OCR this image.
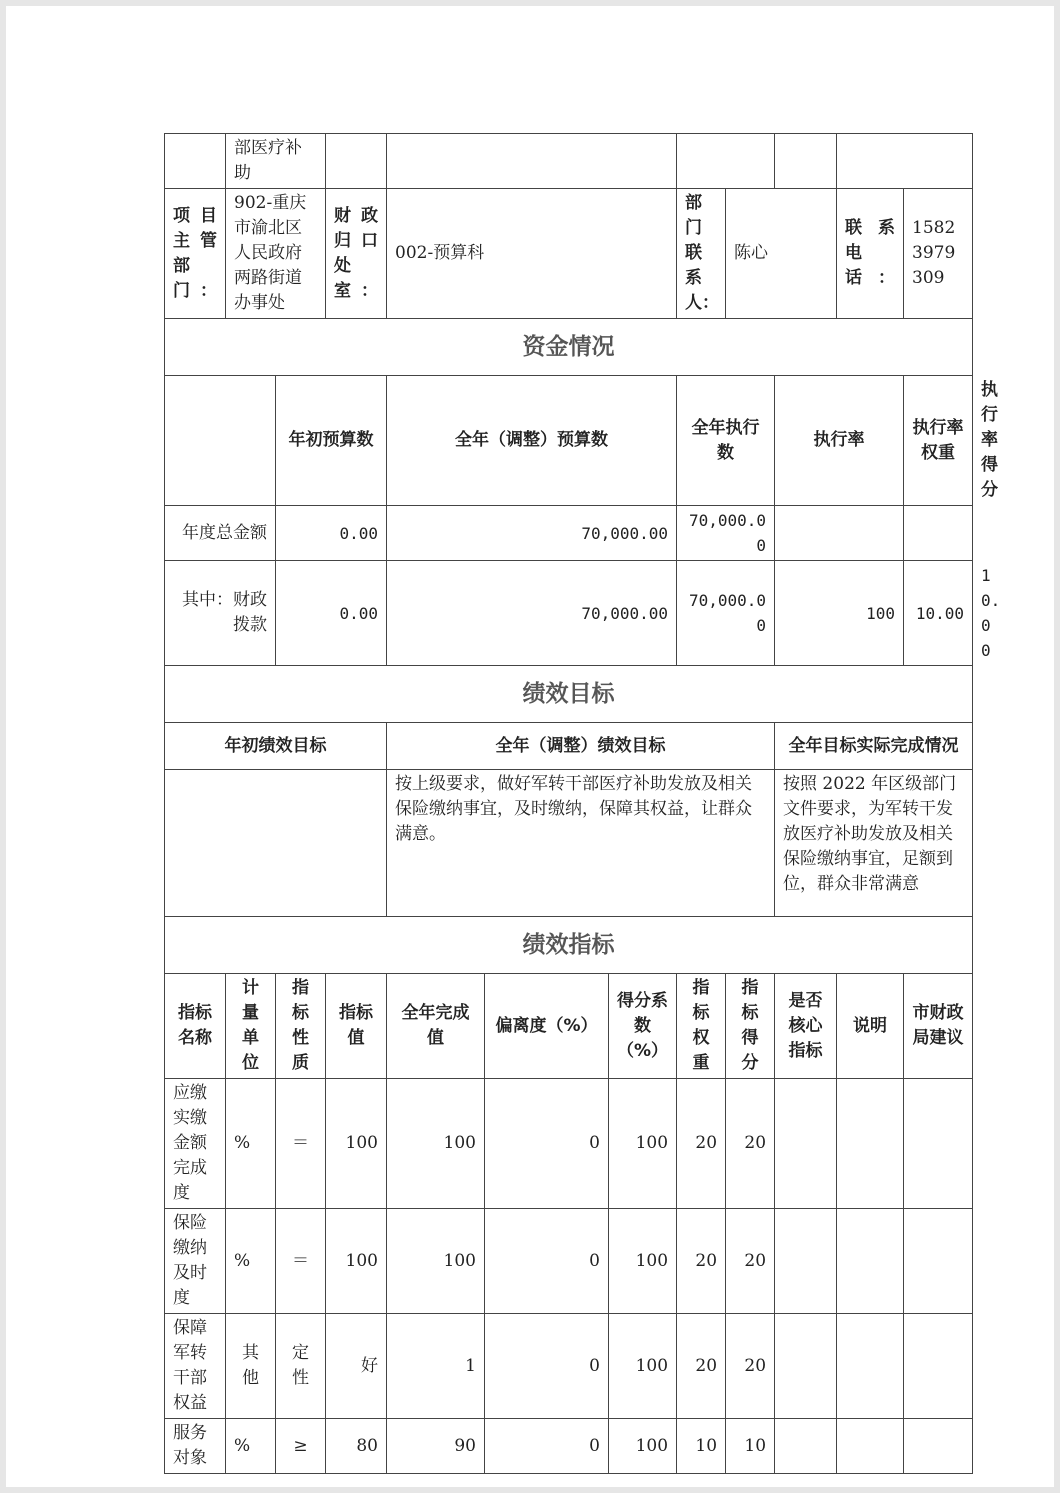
	部医疗补助											
项目主管部门：	902-重庆市渝北区人民政府两路街道办事处		财政归口处室：	002-预算科			部门联系人：	陈心		联系电话：	15823979309	
资金情况												
		年初预算数		全年（调整）预算数			全年执行数		执行率		执行率权重	执行率得分
年度总金额		0.00		70,000.00			70,000.00					
其中：财政拨款		0.00		70,000.00			70,000.00		100		10.00	10.00
绩效目标												
年初绩效目标				全年（调整）绩效目标					全年目标实际完成情况			
				按上级要求，做好军转干部医疗补助发放及相关保险缴纳事宜，及时缴纳，保障其权益，让群众满意。					按照 2022 年区级部门文件要求，为军转干发放医疗补助发放及相关保险缴纳事宜，足额到位，群众非常满意			
绩效指标												
指标名称	计量单位	指标性质	指标值	全年完成值	偏离度（%）	得分系数（%）	指标权重	指标得分	是否核心指标	说明	市财政局建议	
应缴实缴金额完成度	%	＝	100	100	0	100	20	20				
保险缴纳及时度	%	＝	100	100	0	100	20	20				
保障军转干部权益	其他	定性	好	1	0	100	20	20				
服务对象	%	≥	80	90	0	100	10	10				
